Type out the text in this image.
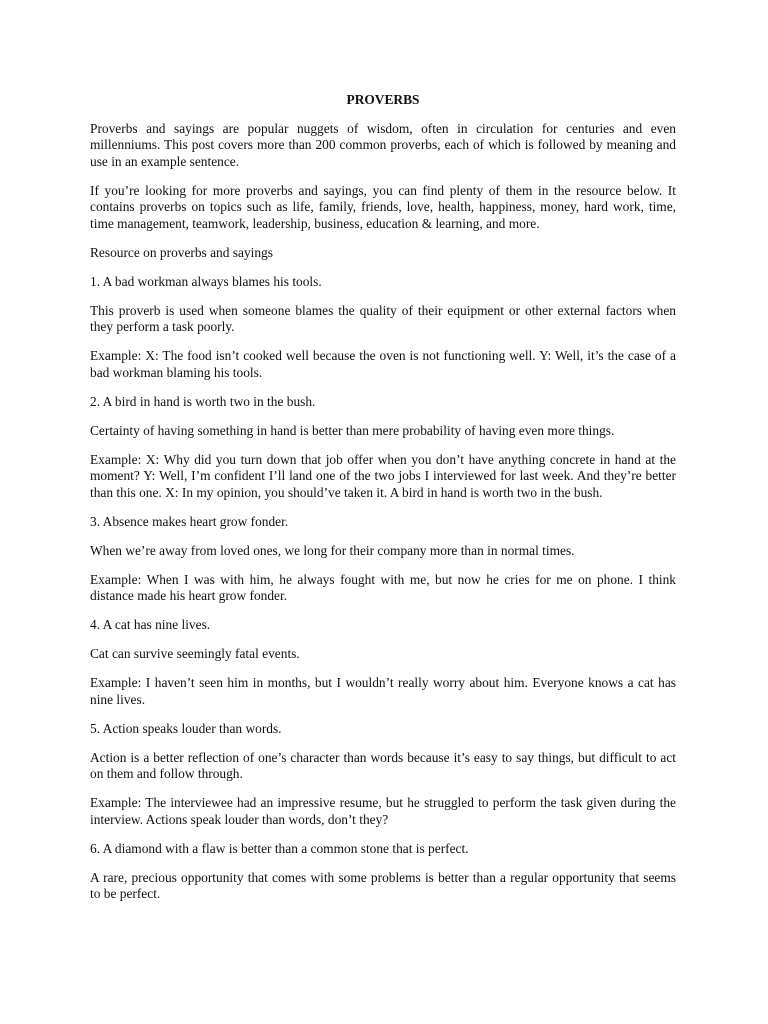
PROVERBS

Proverbs and sayings are popular nuggets of wisdom, often in circulation for centuries and even millenniums. This post covers more than 200 common proverbs, each of which is followed by meaning and use in an example sentence.

If you’re looking for more proverbs and sayings, you can find plenty of them in the resource below. It contains proverbs on topics such as life, family, friends, love, health, happiness, money, hard work, time, time management, teamwork, leadership, business, education & learning, and more.

Resource on proverbs and sayings

1. A bad workman always blames his tools.

This proverb is used when someone blames the quality of their equipment or other external factors when they perform a task poorly.

Example: X: The food isn’t cooked well because the oven is not functioning well. Y: Well, it’s the case of a bad workman blaming his tools.

2. A bird in hand is worth two in the bush.

Certainty of having something in hand is better than mere probability of having even more things.

Example: X: Why did you turn down that job offer when you don’t have anything concrete in hand at the moment? Y: Well, I’m confident I’ll land one of the two jobs I interviewed for last week. And they’re better than this one. X: In my opinion, you should’ve taken it. A bird in hand is worth two in the bush.

3. Absence makes heart grow fonder.

When we’re away from loved ones, we long for their company more than in normal times.

Example: When I was with him, he always fought with me, but now he cries for me on phone. I think distance made his heart grow fonder.

4. A cat has nine lives.

Cat can survive seemingly fatal events.

Example: I haven’t seen him in months, but I wouldn’t really worry about him. Everyone knows a cat has nine lives.

5. Action speaks louder than words.

Action is a better reflection of one’s character than words because it’s easy to say things, but difficult to act on them and follow through.

Example: The interviewee had an impressive resume, but he struggled to perform the task given during the interview. Actions speak louder than words, don’t they?

6. A diamond with a flaw is better than a common stone that is perfect.

A rare, precious opportunity that comes with some problems is better than a regular opportunity that seems to be perfect.
